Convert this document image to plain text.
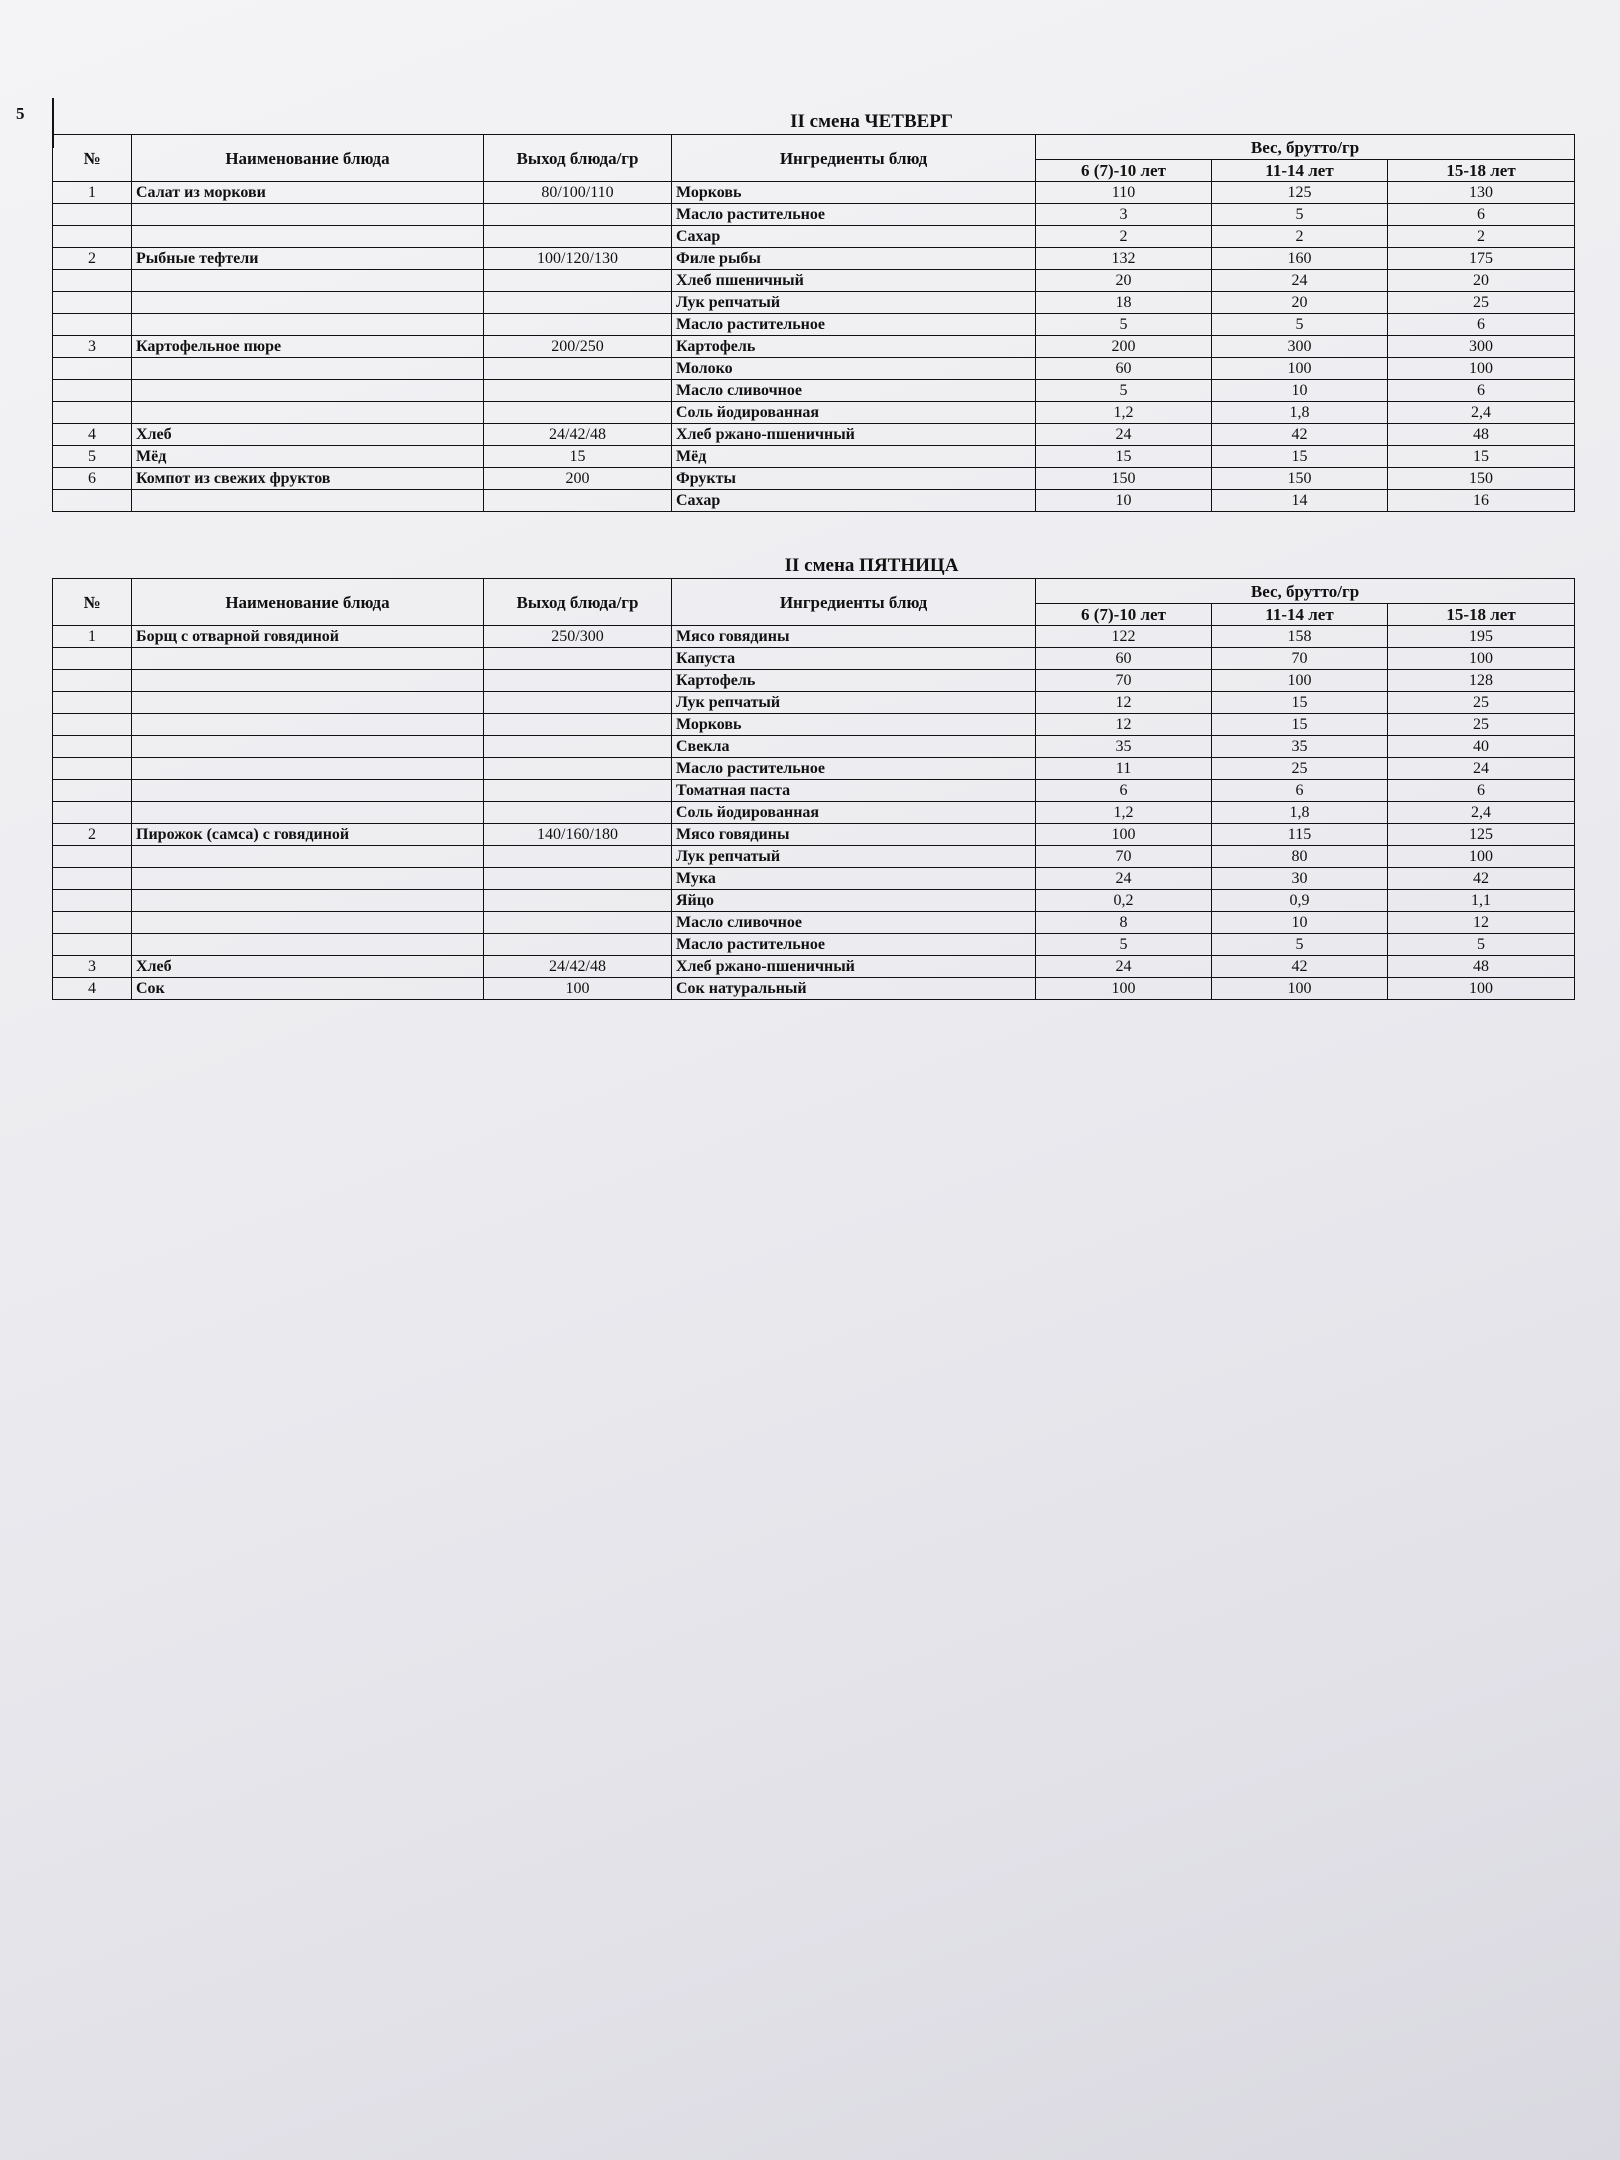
5	II смена ЧЕТВЕРГ						
№	Наименование блюда	Выход блюда/гр	Ингредиенты блюд	Вес, брутто/гр		
				6 (7)-10 лет	11-14 лет	15-18 лет
1	Салат из моркови	80/100/110	Морковь	110	125	130
			Масло растительное	3	5	6
			Сахар	2	2	2
2	Рыбные тефтели	100/120/130	Филе рыбы	132	160	175
			Хлеб пшеничный	20	24	20
			Лук репчатый	18	20	25
			Масло растительное	5	5	6
3	Картофельное пюре	200/250	Картофель	200	300	300
			Молоко	60	100	100
			Масло сливочное	5	10	6
			Соль йодированная	1,2	1,8	2,4
4	Хлеб	24/42/48	Хлеб ржано-пшеничный	24	42	48
5	Мёд	15	Мёд	15	15	15
6	Компот из свежих фруктов	200	Фрукты	150	150	150
			Сахар	10	14	16
II смена ПЯТНИЦА						
№	Наименование блюда	Выход блюда/гр	Ингредиенты блюд	Вес, брутто/гр		
				6 (7)-10 лет	11-14 лет	15-18 лет
1	Борщ с отварной говядиной	250/300	Мясо говядины	122	158	195
			Капуста	60	70	100
			Картофель	70	100	128
			Лук репчатый	12	15	25
			Морковь	12	15	25
			Свекла	35	35	40
			Масло растительное	11	25	24
			Томатная паста	6	6	6
			Соль йодированная	1,2	1,8	2,4
2	Пирожок (самса) с говядиной	140/160/180	Мясо говядины	100	115	125
			Лук репчатый	70	80	100
			Мука	24	30	42
			Яйцо	0,2	0,9	1,1
			Масло сливочное	8	10	12
			Масло растительное	5	5	5
3	Хлеб	24/42/48	Хлеб ржано-пшеничный	24	42	48
4	Сок	100	Сок натуральный	100	100	100
